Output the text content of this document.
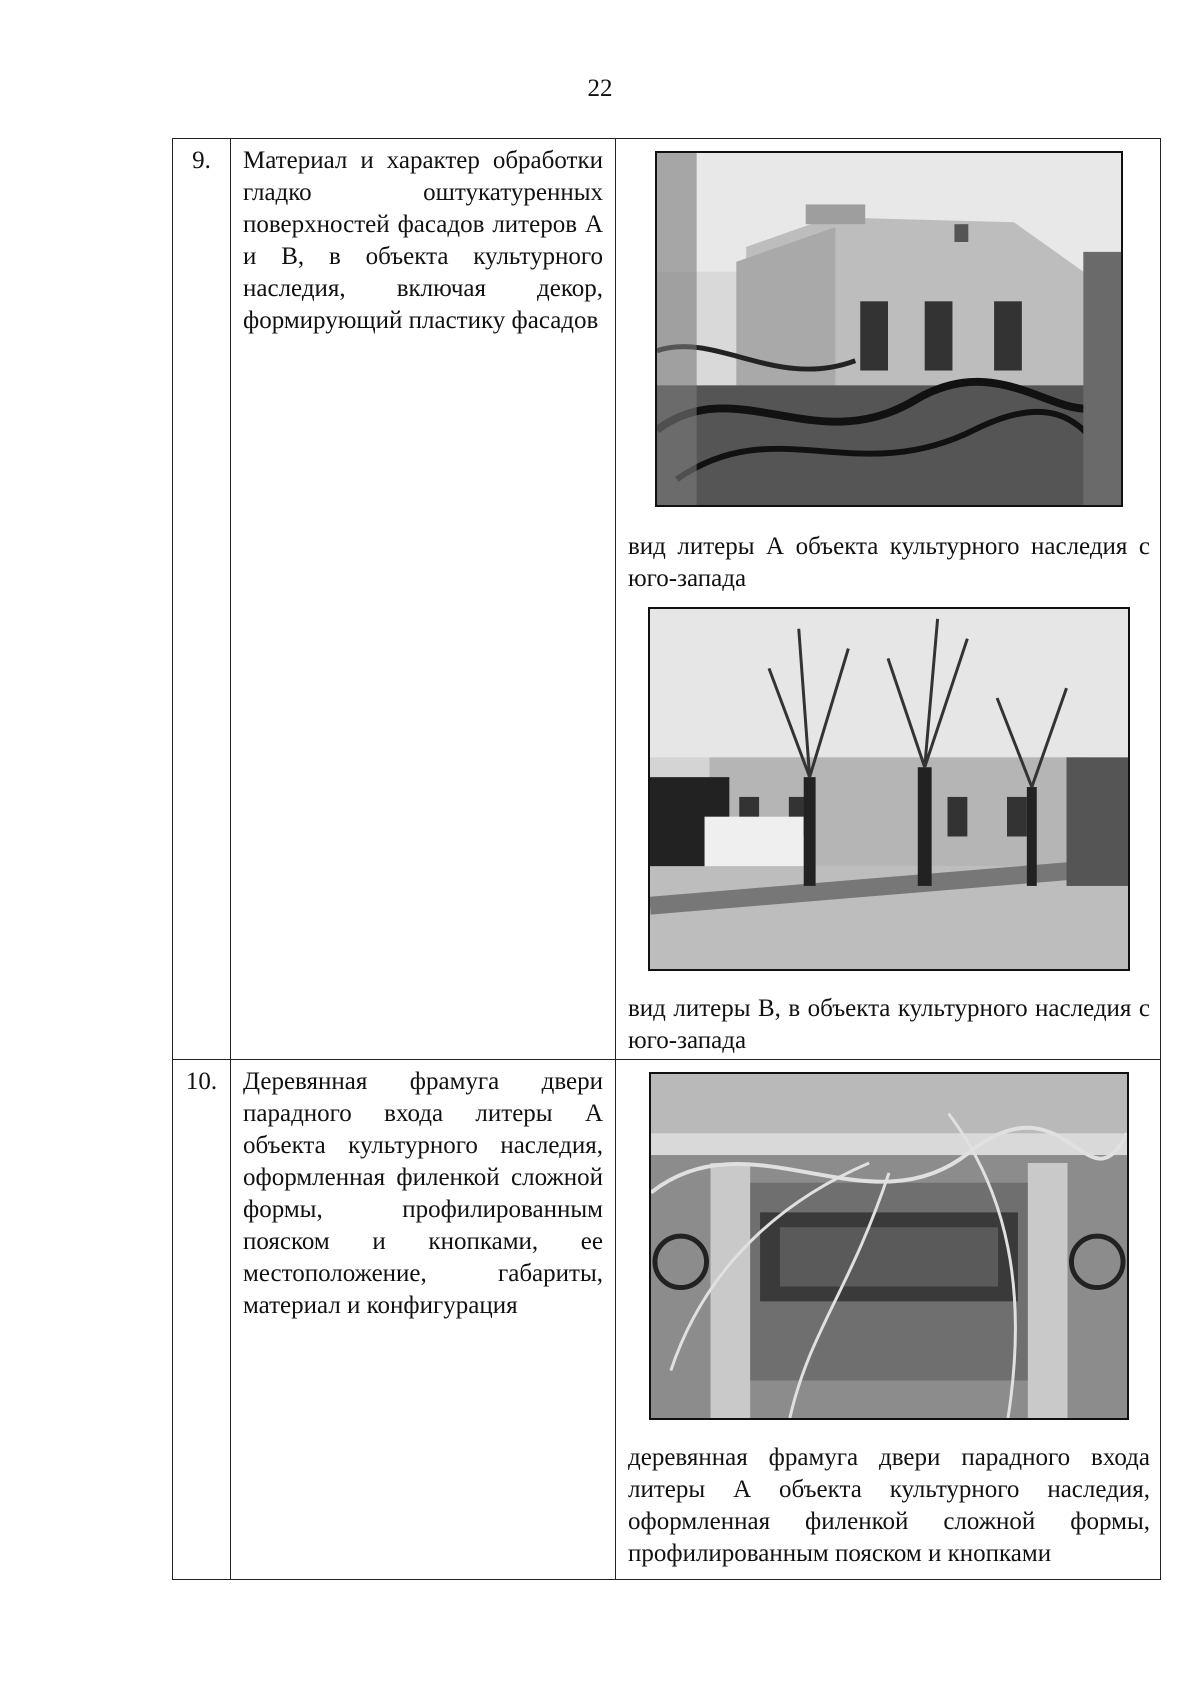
22
9.	Материал и характер обработки гладко оштукатуренных поверхностей фасадов литеров А и В, в объекта культурного наследия, включая декор, формирующий пластику фасадов	вид литеры А объекта культурного наследия с юго-запада
вид литеры В, в объекта культурного наследия с юго-запада

10.	Деревянная фрамуга двери парадного входа литеры А объекта культурного наследия, оформленная филенкой сложной формы, профилированным пояском и кнопками, ее местоположение, габариты, материал и конфигурация	деревянная фрамуга двери парадного входа литеры А объекта культурного наследия, оформленная филенкой сложной формы, профилированным пояском и кнопками
